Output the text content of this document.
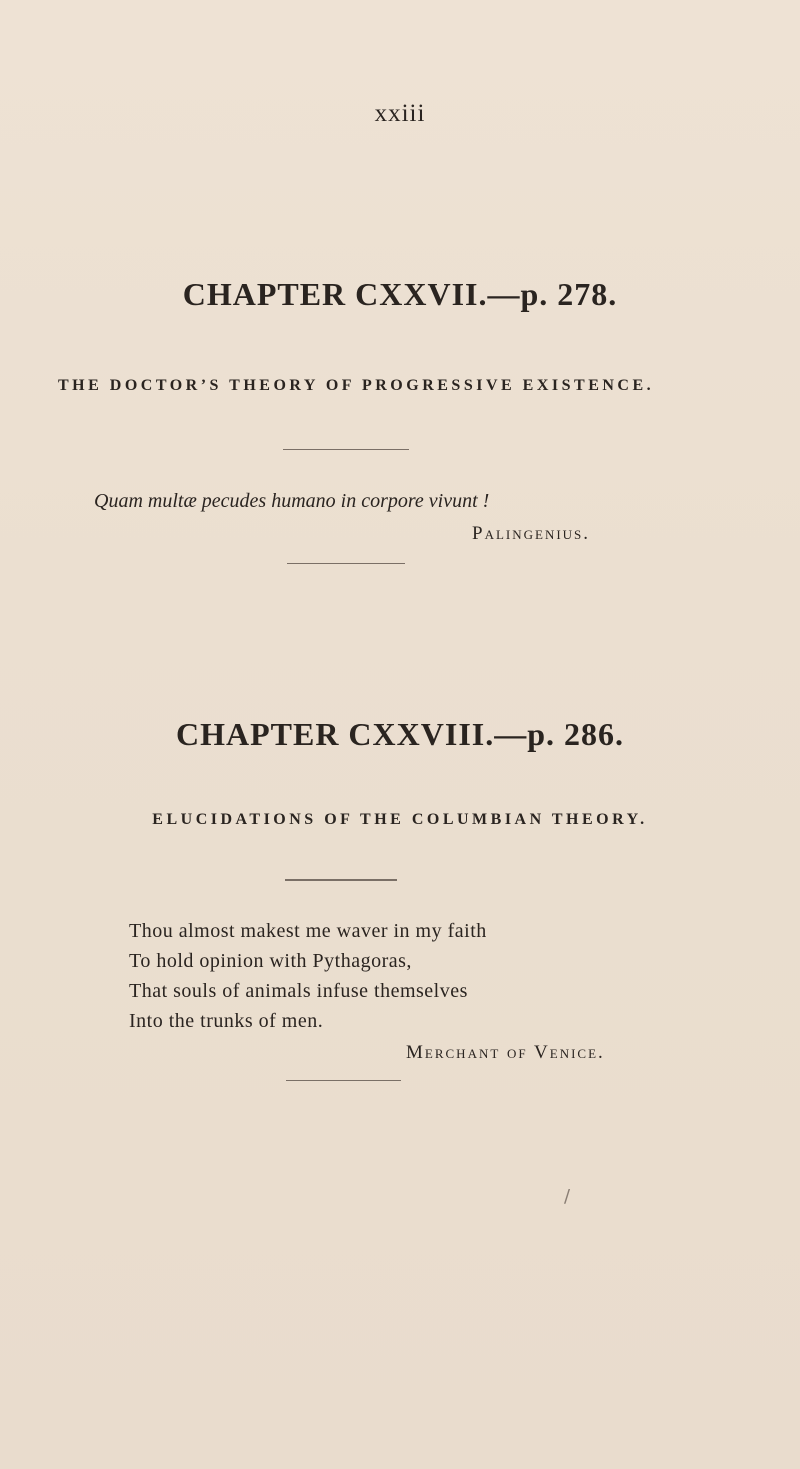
xxiii

CHAPTER CXXVII.—p. 278.

THE DOCTOR’S THEORY OF PROGRESSIVE EXISTENCE.

Quam multæ pecudes humano in corpore vivunt !

Palingenius.

CHAPTER CXXVIII.—p. 286.

ELUCIDATIONS OF THE COLUMBIAN THEORY.

Thou almost makest me waver in my faith
To hold opinion with Pythagoras,
That souls of animals infuse themselves
Into the trunks of men.

Merchant of Venice.

/
